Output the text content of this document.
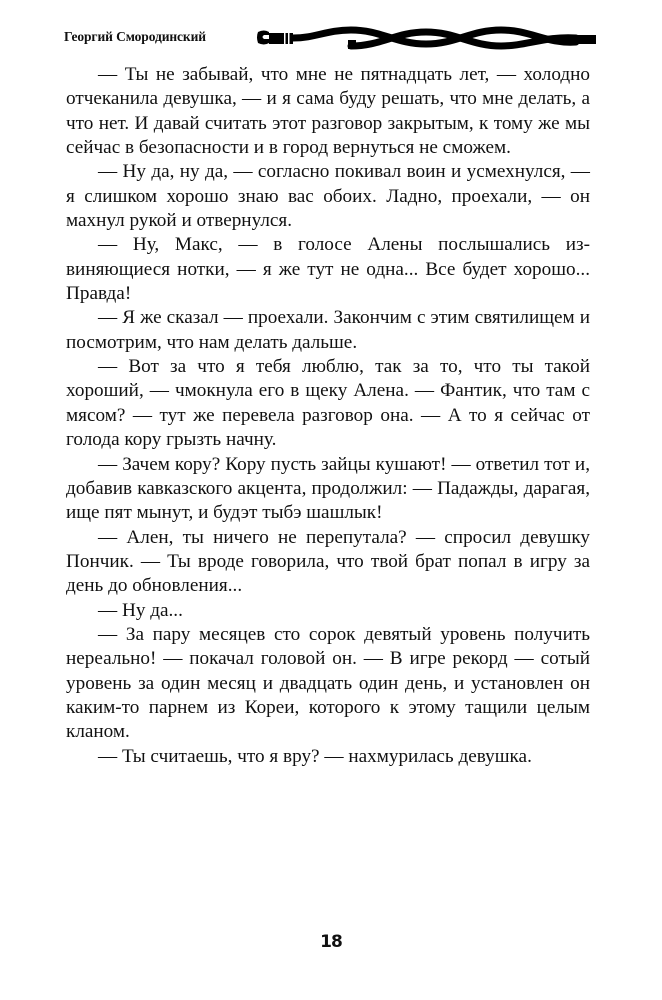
Георгий Смородинский

— Ты не забывай, что мне не пятнадцать лет, — холодно отчеканила девушка, — и я сама буду решать, что мне делать, а что нет. И давай считать этот разговор закрытым, к тому же мы сейчас в безопасности и в город вернуться не сможем.

— Ну да, ну да, — согласно покивал воин и усмехнулся, — я слишком хорошо знаю вас обоих. Ладно, проехали, — он махнул рукой и отвернулся.

— Ну, Макс, — в голосе Алены послышались извиняющиеся нотки, — я же тут не одна... Все будет хорошо... Правда!

— Я же сказал — проехали. Закончим с этим святилищем и посмотрим, что нам делать дальше.

— Вот за что я тебя люблю, так за то, что ты такой хороший, — чмокнула его в щеку Алена. — Фантик, что там с мясом? — тут же перевела разговор она. — А то я сейчас от голода кору грызть начну.

— Зачем кору? Кору пусть зайцы кушают! — ответил тот и, добавив кавказского акцента, продолжил: — Падажды, дарагая, ище пят мынут, и будэт тыбэ шашлык!

— Ален, ты ничего не перепутала? — спросил девушку Пончик. — Ты вроде говорила, что твой брат попал в игру за день до обновления...

— Ну да...

— За пару месяцев сто сорок девятый уровень получить нереально! — покачал головой он. — В игре рекорд — сотый уровень за один месяц и двадцать один день, и установлен он каким-то парнем из Кореи, которого к этому тащили целым кланом.

— Ты считаешь, что я вру? — нахмурилась девушка.

18
